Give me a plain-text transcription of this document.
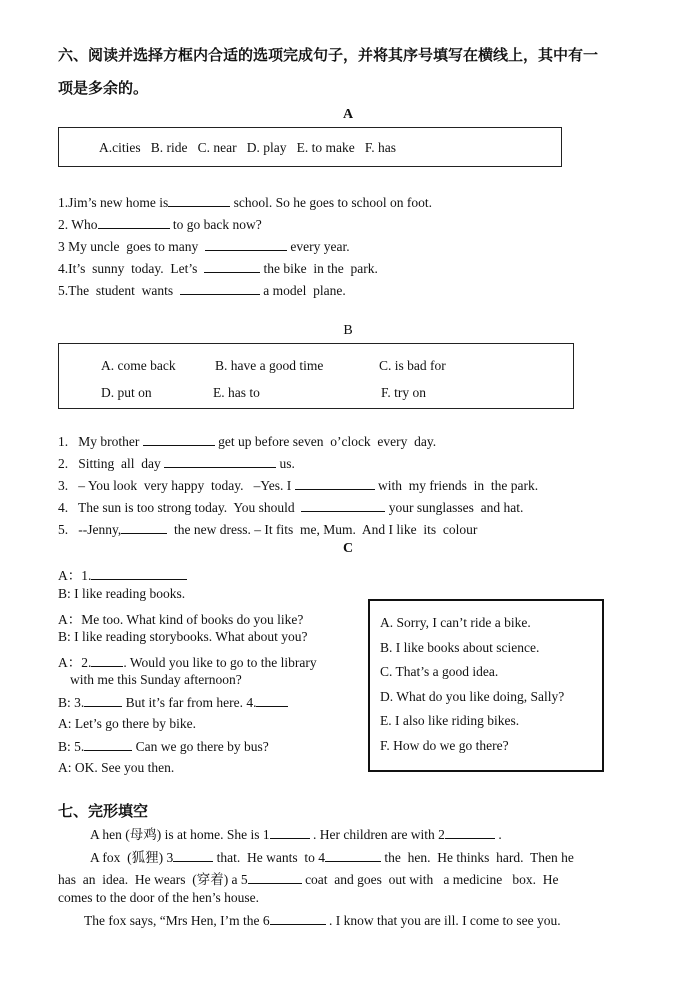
六、阅读并选择方框内合适的选项完成句子，并将其序号填写在横线上，其中有一
项是多余的。
A
A.cities   B. ride   C. near   D. play   E. to make   F. has
1.Jim’s new home is	school. So he goes to school on foot.
2. Who	to go back now?
3 My uncle  goes to many	every year.
4.It’s  sunny  today.  Let’s	the bike  in the  park.
5.The  student  wants	a model  plane.
B
A. come back	B. have a good time	C. is bad for
D. put on	E. has to	F. try on
1.   My brother	get up before seven  o’clock  every  day.
2.   Sitting  all  day	us.
3.   – You look  very happy  today.   –Yes. I	with  my friends  in  the park.
4.   The sun is too strong today.  You should	your sunglasses  and hat.
5.   --Jenny,	the new dress. – It fits  me, Mum.  And I like  its  colour
C
A：1.
B: I like reading books.
A：Me too. What kind of books do you like?
B: I like reading storybooks. What about you?
A：2. . Would you like to go to the library
with me this Sunday afternoon?
B: 3.	But it’s far from here. 4.
A: Let’s go there by bike.
B: 5.	Can we go there by bus?
A: OK. See you then.
A. Sorry, I can’t ride a bike.
B. I like books about science.
C. That’s a good idea.
D. What do you like doing, Sally?
E. I also like riding bikes.
F. How do we go there?
七、完形填空
A hen (母鸡) is at home. She is 1	. Her children are with 2	.
A fox  (狐狸) 3	that.  He wants  to 4	the  hen.  He thinks  hard.  Then he
has  an  idea.  He wears  (穿着) a 5	coat  and goes  out with   a medicine   box.  He
comes to the door of the hen’s house.
The fox says, “Mrs Hen, I’m the 6	. I know that you are ill. I come to see you.
